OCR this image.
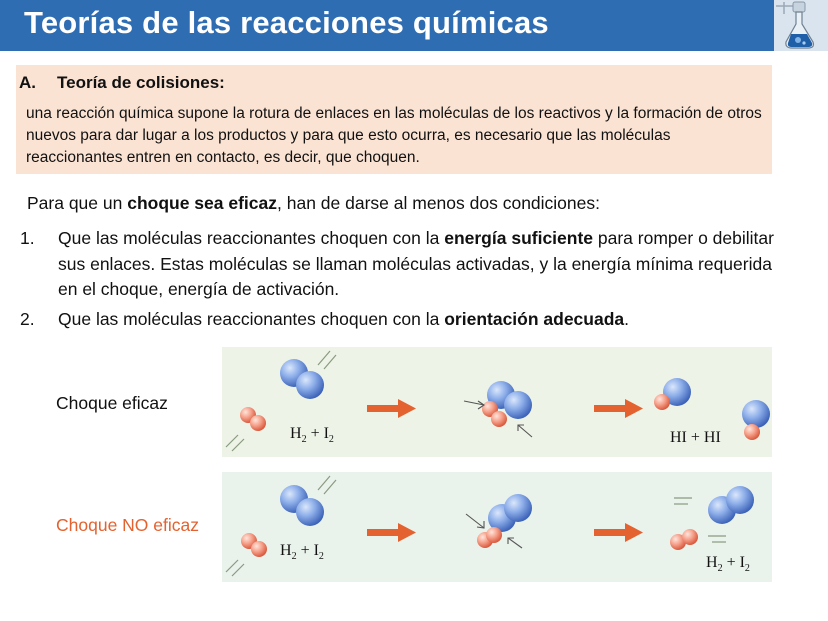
Teorías de las reacciones químicas
A. Teoría de colisiones:
una reacción química supone la rotura de enlaces en las moléculas de los reactivos y la formación de otros nuevos para dar lugar a los productos y para que esto ocurra, es necesario que las moléculas reaccionantes entren en contacto, es decir, que choquen.
Para que un choque sea eficaz, han de darse al menos dos condiciones:
1. Que las moléculas reaccionantes choquen con la energía suficiente para romper o debilitar sus enlaces. Estas moléculas se llaman moléculas activadas, y la energía mínima requerida en el choque, energía de activación.
2. Que las moléculas reaccionantes choquen con la orientación adecuada.
Choque eficaz
Choque NO eficaz
$H_2 + I_2$	HI + HI
$H_2 + I_2$	$H_2 + I_2$
